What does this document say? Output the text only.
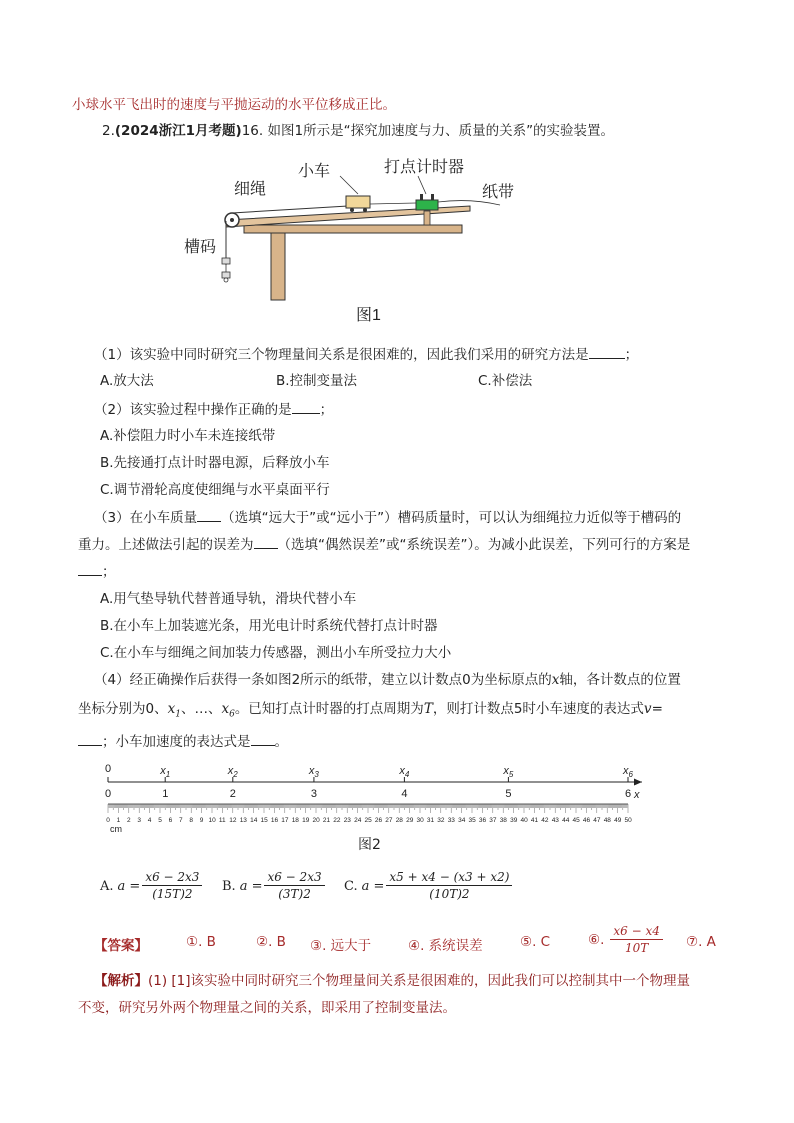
小球水平飞出时的速度与平抛运动的水平位移成正比。
2.(2024浙江1月考题)16. 如图1所示是“探究加速度与力、质量的关系”的实验装置。
小车	打点计时器
细绳	纸带
槽码
图1
（1）该实验中同时研究三个物理量间关系是很困难的，因此我们采用的研究方法是	；
A.放大法	B.控制变量法	C.补偿法
（2）该实验过程中操作正确的是 ；
A.补偿阻力时小车未连接纸带
B.先接通打点计时器电源，后释放小车
C.调节滑轮高度使细绳与水平桌面平行
（3）在小车质量 （选填“远大于”或“远小于”）槽码质量时，可以认为细绳拉力近似等于槽码的
重力。上述做法引起的误差为 （选填“偶然误差”或“系统误差”）。为减小此误差，下列可行的方案是
；
A.用气垫导轨代替普通导轨，滑块代替小车
B.在小车上加装遮光条，用光电计时系统代替打点计时器
C.在小车与细绳之间加装力传感器，测出小车所受拉力大小
（4）经正确操作后获得一条如图2所示的纸带，建立以计数点0为坐标原点的x轴，各计数点的位置
坐标分别为0、$x_1$、…、$x_6$。已知打点计时器的打点周期为T，则打计数点5时小车速度的表达式v=
；小车加速度的表达式是 。
0	$x_1$	$x_2$	$x_3$	$x_4$	$x_5$	$x_6$
0	1	2	3	4	5	6 x
0 1 2 3 4 5 6 7 8 9 10 11 12 13 14 15 16 17 18 19 20 21 22 23 24 25 26 27 28 29 30 31 32 33 34 35 36 37 38 39 40 41 42 43 44 45 46 47 48 49 50
cm
图2
A. $a = \frac{x6 - 2x3}{(15T)2} B$. $a = \frac{x6 - 2x3}{(3T)2} C$. $a = \frac{x5 + x4 - (x3 + x2)}{(10T)2}$
【答案】	①. B	②. B ③. 远大于	④. 系统误差	⑤. C	⑥. $\frac{x6 - x4}{10T}$ ⑦. A
【解析】(1) [1]该实验中同时研究三个物理量间关系是很困难的，因此我们可以控制其中一个物理量
不变，研究另外两个物理量之间的关系，即采用了控制变量法。
